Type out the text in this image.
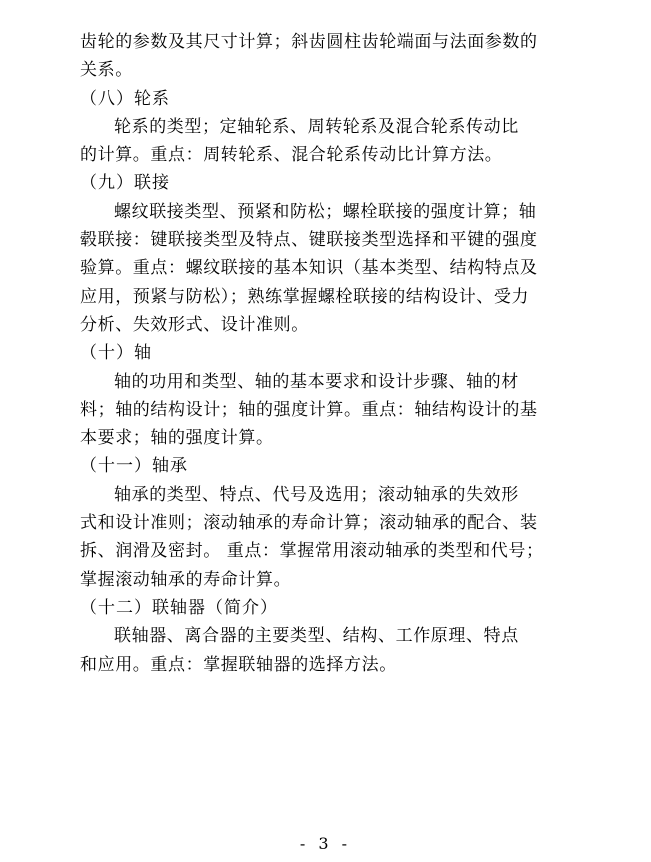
齿轮的参数及其尺寸计算；斜齿圆柱齿轮端面与法面参数的
关系。
（八）轮系
轮系的类型；定轴轮系、周转轮系及混合轮系传动比
的计算。重点：周转轮系、混合轮系传动比计算方法。
（九）联接
螺纹联接类型、预紧和防松；螺栓联接的强度计算；轴
毂联接：键联接类型及特点、键联接类型选择和平键的强度
验算。重点：螺纹联接的基本知识（基本类型、结构特点及
应用，预紧与防松）；熟练掌握螺栓联接的结构设计、受力
分析、失效形式、设计准则。
（十）轴
轴的功用和类型、轴的基本要求和设计步骤、轴的材
料；轴的结构设计；轴的强度计算。重点：轴结构设计的基
本要求；轴的强度计算。
（十一）轴承
轴承的类型、特点、代号及选用；滚动轴承的失效形
式和设计准则；滚动轴承的寿命计算；滚动轴承的配合、装
拆、润滑及密封。 重点：掌握常用滚动轴承的类型和代号；
掌握滚动轴承的寿命计算。
（十二）联轴器（简介）
联轴器、离合器的主要类型、结构、工作原理、特点
和应用。重点：掌握联轴器的选择方法。
- 3 -
